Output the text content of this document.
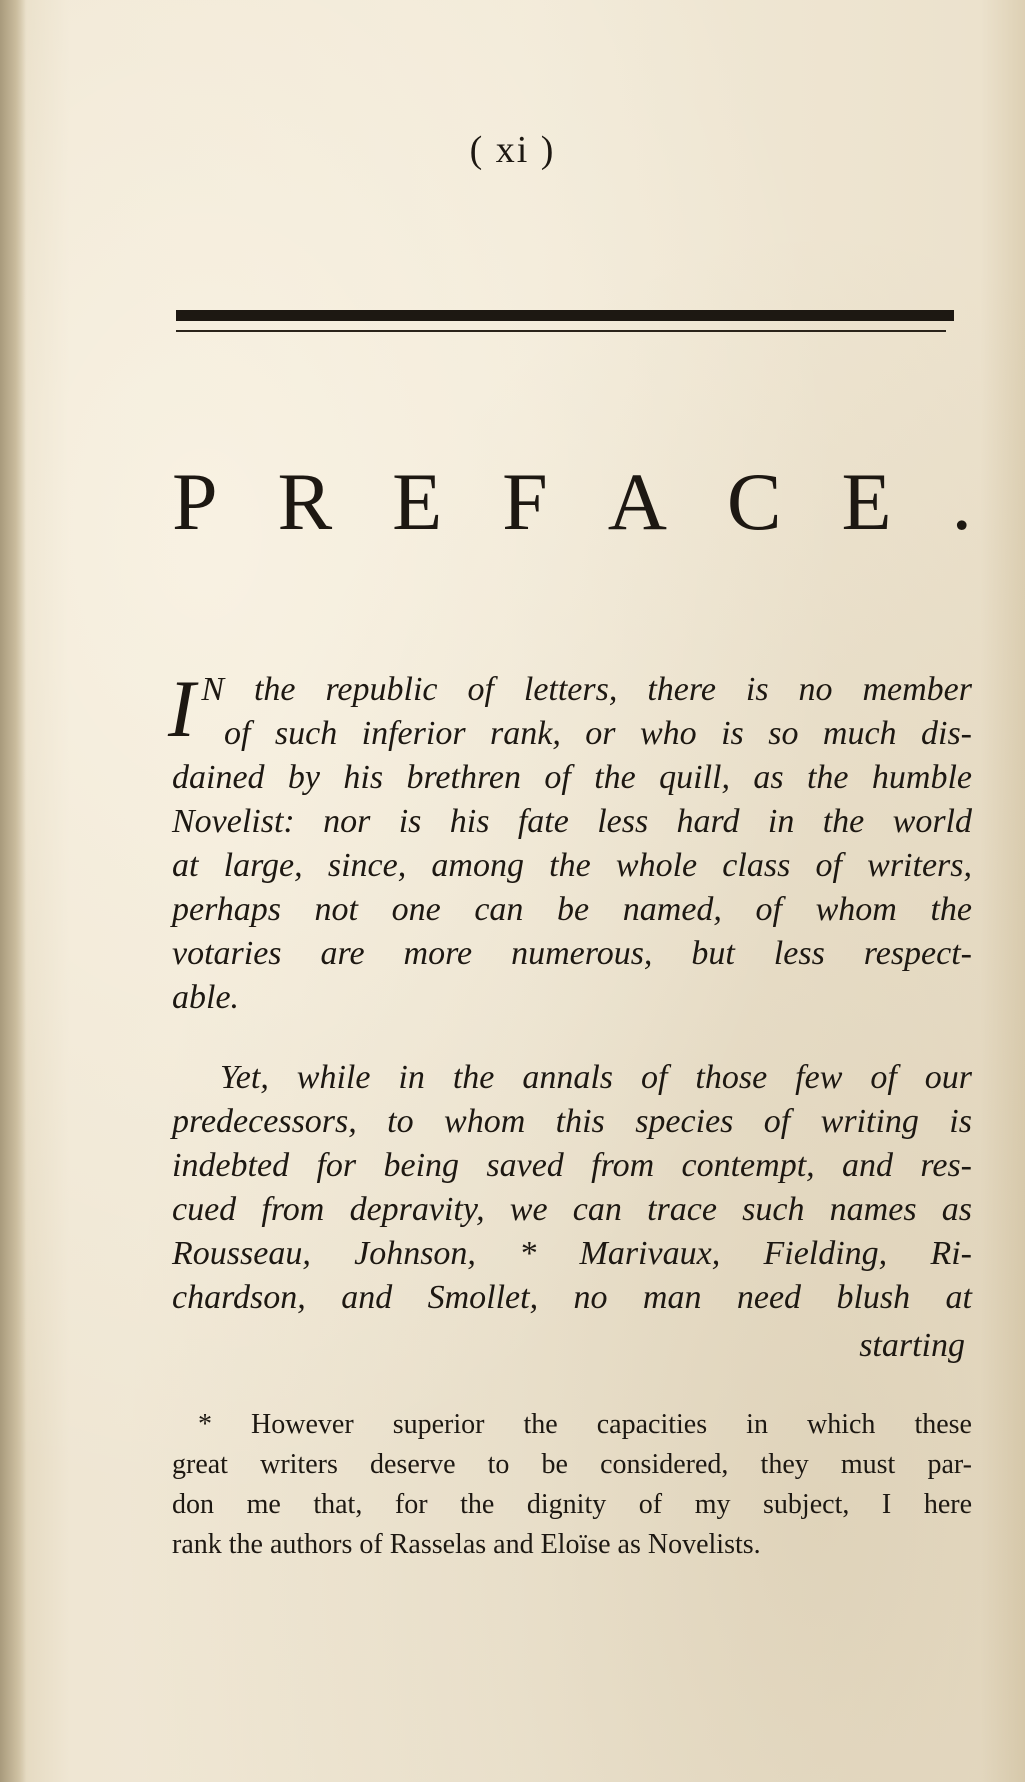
( xi )
P R E F A C E .
I N the republic of letters, there is no member
of such inferior rank, or who is so much dis-
dained by his brethren of the quill, as the humble
Novelist: nor is his fate less hard in the world
at large, since, among the whole class of writers,
perhaps not one can be named, of whom the
votaries are more numerous, but less respect-
able.
Yet, while in the annals of those few of our
predecessors, to whom this species of writing is
indebted for being saved from contempt, and res-
cued from depravity, we can trace such names as
Rousseau, Johnson, * Marivaux, Fielding, Ri-
chardson, and Smollet, no man need blush at
starting
* However superior the capacities in which these
great writers deserve to be considered, they must par-
don me that, for the dignity of my subject, I here
rank the authors of Rasselas and Eloïse as Novelists.
